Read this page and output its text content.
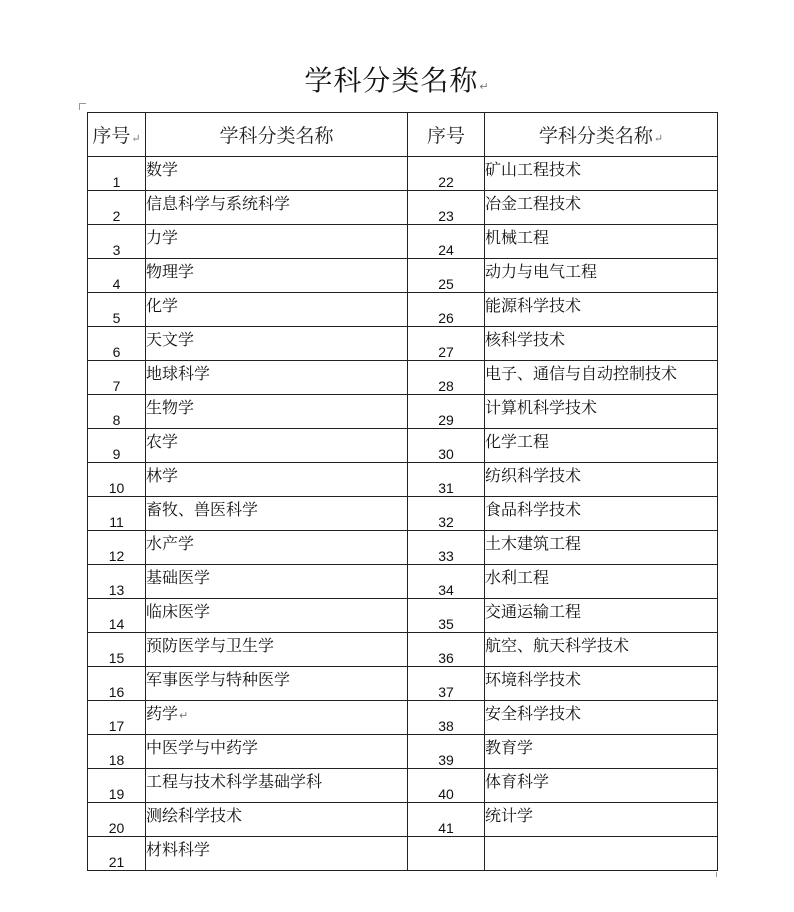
学科分类名称↵
序号↵	学科分类名称	序号	学科分类名称↵
1	数学	22	矿山工程技术
2	信息科学与系统科学	23	冶金工程技术
3	力学	24	机械工程
4	物理学	25	动力与电气工程
5	化学	26	能源科学技术
6	天文学	27	核科学技术
7	地球科学	28	电子、通信与自动控制技术
8	生物学	29	计算机科学技术
9	农学	30	化学工程
10	林学	31	纺织科学技术
11	畜牧、兽医科学	32	食品科学技术
12	水产学	33	土木建筑工程
13	基础医学	34	水利工程
14	临床医学	35	交通运输工程
15	预防医学与卫生学	36	航空、航天科学技术
16	军事医学与特种医学	37	环境科学技术
17	药学↵	38	安全科学技术
18	中医学与中药学	39	教育学
19	工程与技术科学基础学科	40	体育科学
20	测绘科学技术	41	统计学
21	材料科学		
